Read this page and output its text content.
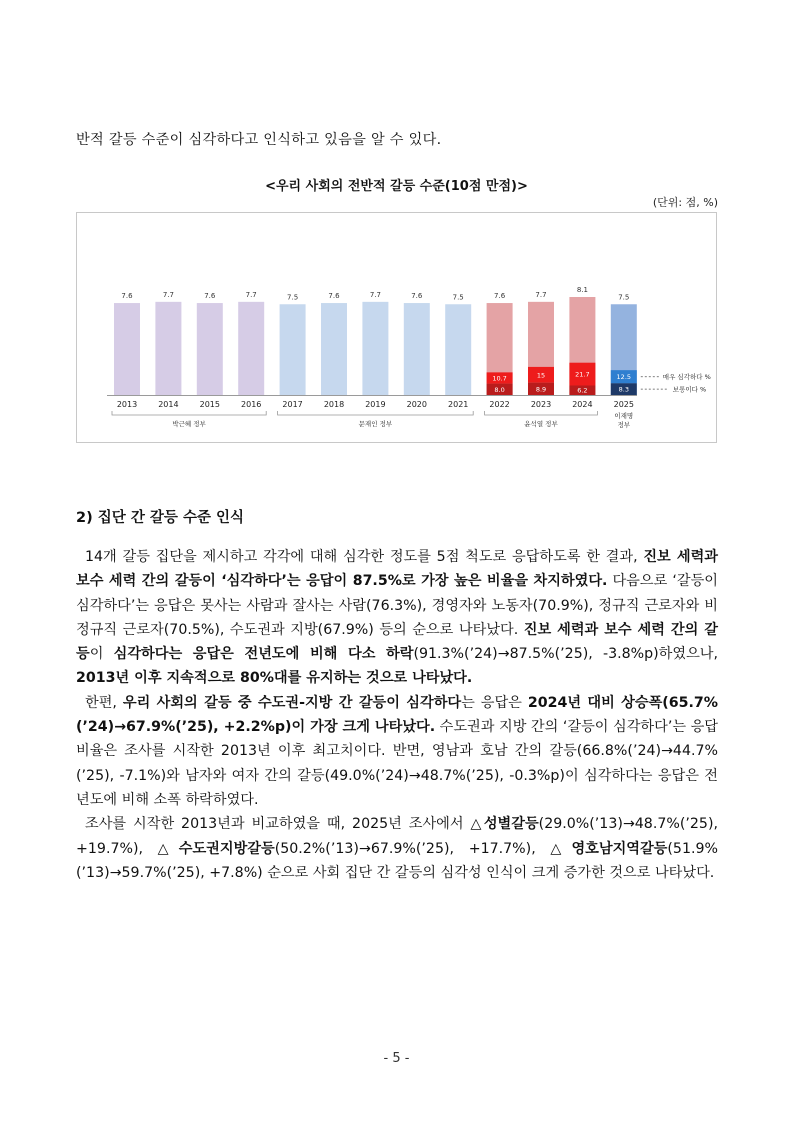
반적 갈등 수준이 심각하다고 인식하고 있음을 알 수 있다.
<우리 사회의 전반적 갈등 수준(10점 만점)>
(단위: 점, %)
7.6
2013
7.7
2014
7.6
2015
7.7
2016
7.5
2017
7.6
2018
7.7
2019
7.6
2020
7.5
2021
7.6
10.7
8.0
2022
7.7
15
8.9
2023
8.1
21.7
6.2
2024
7.5
12.5
8.3
2025
이재명
정부
박근혜 정부	문재인 정부	윤석열 정부
매우 심각하다 %
보통이다 %
2) 집단 간 갈등 수준 인식

14개 갈등 집단을 제시하고 각각에 대해 심각한 정도를 5점 척도로 응답하도록 한 결과, 진보 세력과 보수 세력 간의 갈등이 ‘심각하다’는 응답이 87.5%로 가장 높은 비율을 차지하였다. 다음으로 ‘갈등이 심각하다’는 응답은 못사는 사람과 잘사는 사람(76.3%), 경영자와 노동자(70.9%), 정규직 근로자와 비정규직 근로자(70.5%), 수도권과 지방(67.9%) 등의 순으로 나타났다. 진보 세력과 보수 세력 간의 갈등이 심각하다는 응답은 전년도에 비해 다소 하락(91.3%(’24)→87.5%(’25), -3.8%p)하였으나, 2013년 이후 지속적으로 80%대를 유지하는 것으로 나타났다.

한편, 우리 사회의 갈등 중 수도권-지방 간 갈등이 심각하다는 응답은 2024년 대비 상승폭(65.7%(’24)→67.9%(’25), +2.2%p)이 가장 크게 나타났다. 수도권과 지방 간의 ‘갈등이 심각하다’는 응답 비율은 조사를 시작한 2013년 이후 최고치이다. 반면, 영남과 호남 간의 갈등(66.8%(’24)→44.7%(’25), -7.1%)와 남자와 여자 간의 갈등(49.0%(’24)→48.7%(’25), -0.3%p)이 심각하다는 응답은 전년도에 비해 소폭 하락하였다.

조사를 시작한 2013년과 비교하였을 때, 2025년 조사에서 △성별갈등(29.0%(’13)→48.7%(’25), +19.7%), △수도권지방갈등(50.2%(’13)→67.9%(’25), +17.7%), △영호남지역갈등(51.9%(’13)→59.7%(’25), +7.8%) 순으로 사회 집단 간 갈등의 심각성 인식이 크게 증가한 것으로 나타났다.

- 5 -
